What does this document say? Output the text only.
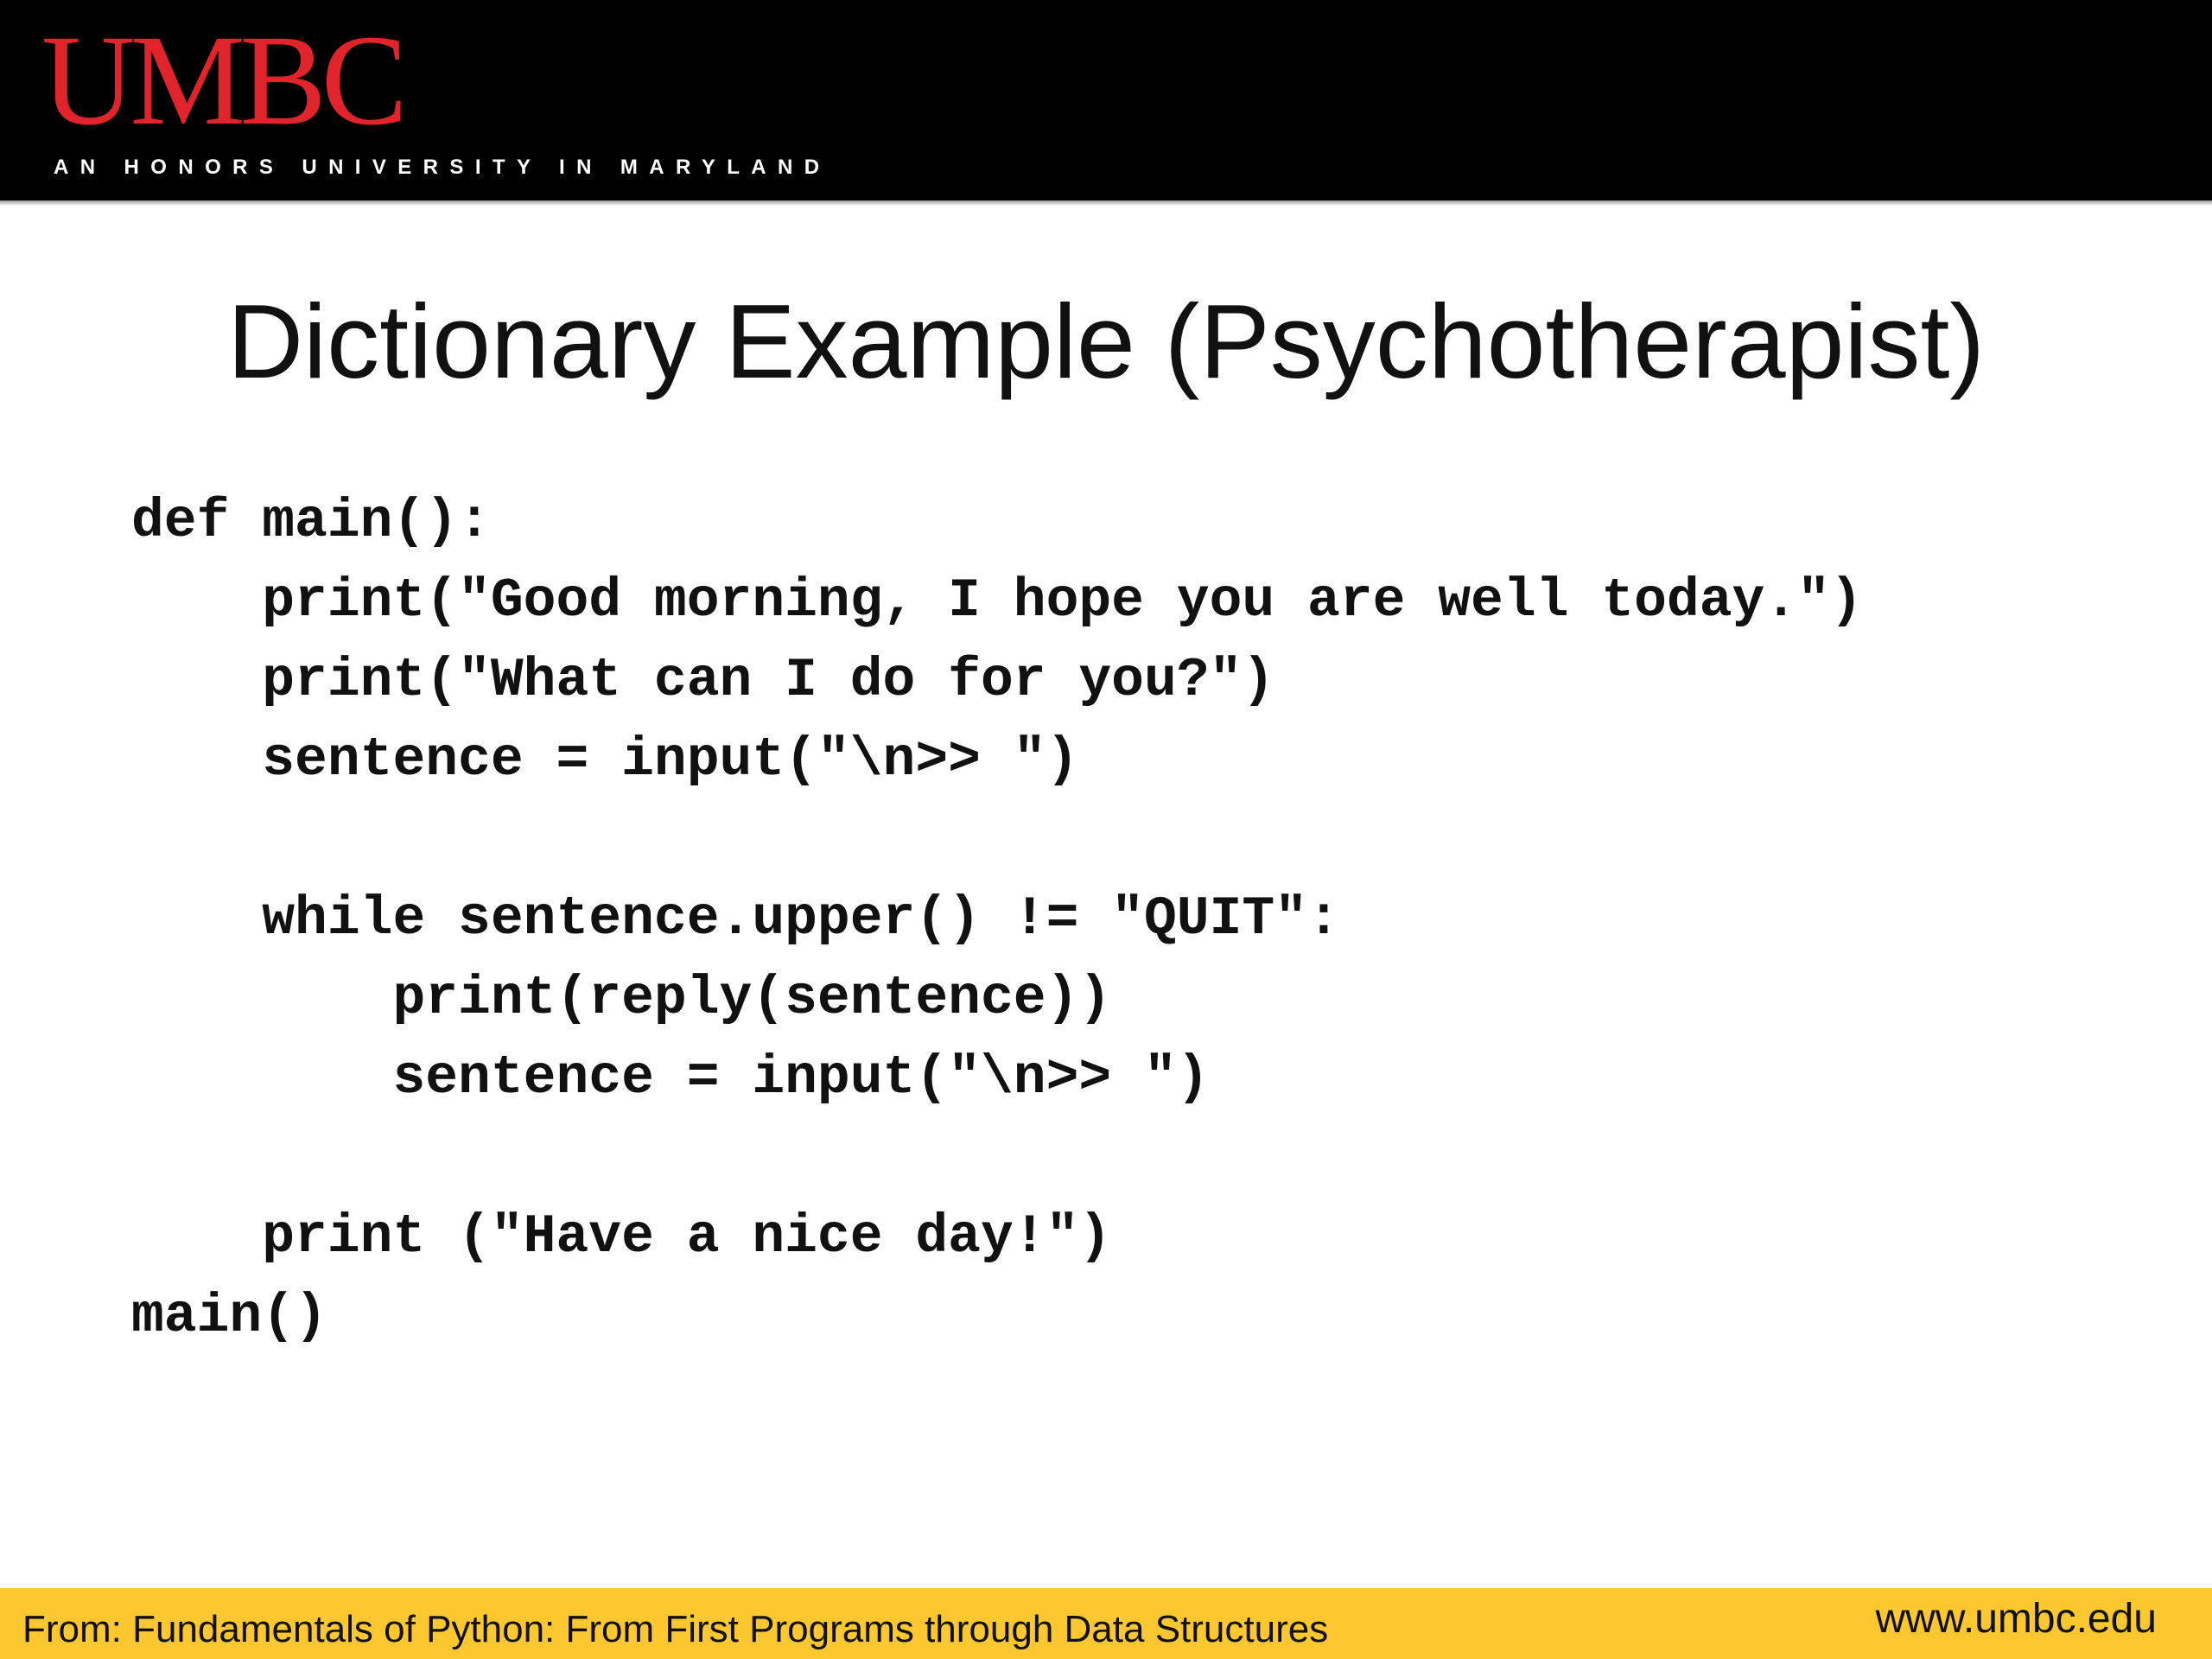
UMBC
AN HONORS UNIVERSITY IN MARYLAND
Dictionary Example (Psychotherapist)
def main():
print("Good morning, I hope you are well today.")
print("What can I do for you?")
sentence = input("\n>> ")
while sentence.upper() != "QUIT":
print(reply(sentence))
sentence = input("\n>> ")
print ("Have a nice day!")
main()
From: Fundamentals of Python: From First Programs through Data Structures	www.umbc.edu
